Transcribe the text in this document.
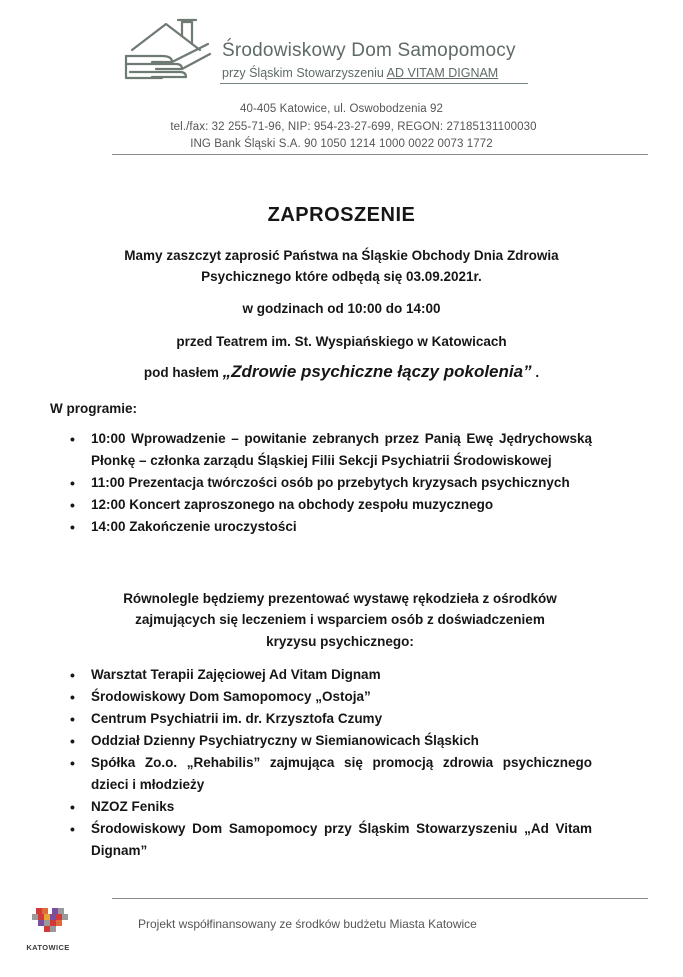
Środowiskowy Dom Samopomocy
przy Śląskim Stowarzyszeniu AD VITAM DIGNAM
40-405 Katowice, ul. Oswobodzenia 92
tel./fax: 32 255-71-96, NIP: 954-23-27-699, REGON: 27185131100030
ING Bank Śląski S.A. 90 1050 1214 1000 0022 0073 1772
ZAPROSZENIE
Mamy zaszczyt zaprosić Państwa na Śląskie Obchody Dnia Zdrowia
Psychicznego które odbędą się 03.09.2021r.
w godzinach od 10:00 do 14:00
przed Teatrem im. St. Wyspiańskiego w Katowicach
pod hasłem „Zdrowie psychiczne łączy pokolenia” .
W programie:
• 10:00 Wprowadzenie – powitanie zebranych przez Panią Ewę Jędrychowską Płonkę – członka zarządu Śląskiej Filii Sekcji Psychiatrii Środowiskowej
• 11:00 Prezentacja twórczości osób po przebytych kryzysach psychicznych
• 12:00 Koncert zaproszonego na obchody zespołu muzycznego
• 14:00 Zakończenie uroczystości
Równolegle będziemy prezentować wystawę rękodzieła z ośrodków
zajmujących się leczeniem i wsparciem osób z doświadczeniem
kryzysu psychicznego:
• Warsztat Terapii Zajęciowej Ad Vitam Dignam
• Środowiskowy Dom Samopomocy „Ostoja”
• Centrum Psychiatrii im. dr. Krzysztofa Czumy
• Oddział Dzienny Psychiatryczny w Siemianowicach Śląskich
• Spółka Zo.o. „Rehabilis” zajmująca się promocją zdrowia psychicznego dzieci i młodzieży
• NZOZ Feniks
• Środowiskowy Dom Samopomocy przy Śląskim Stowarzyszeniu „Ad Vitam Dignam”
KATOWICE
Projekt współfinansowany ze środków budżetu Miasta Katowice
